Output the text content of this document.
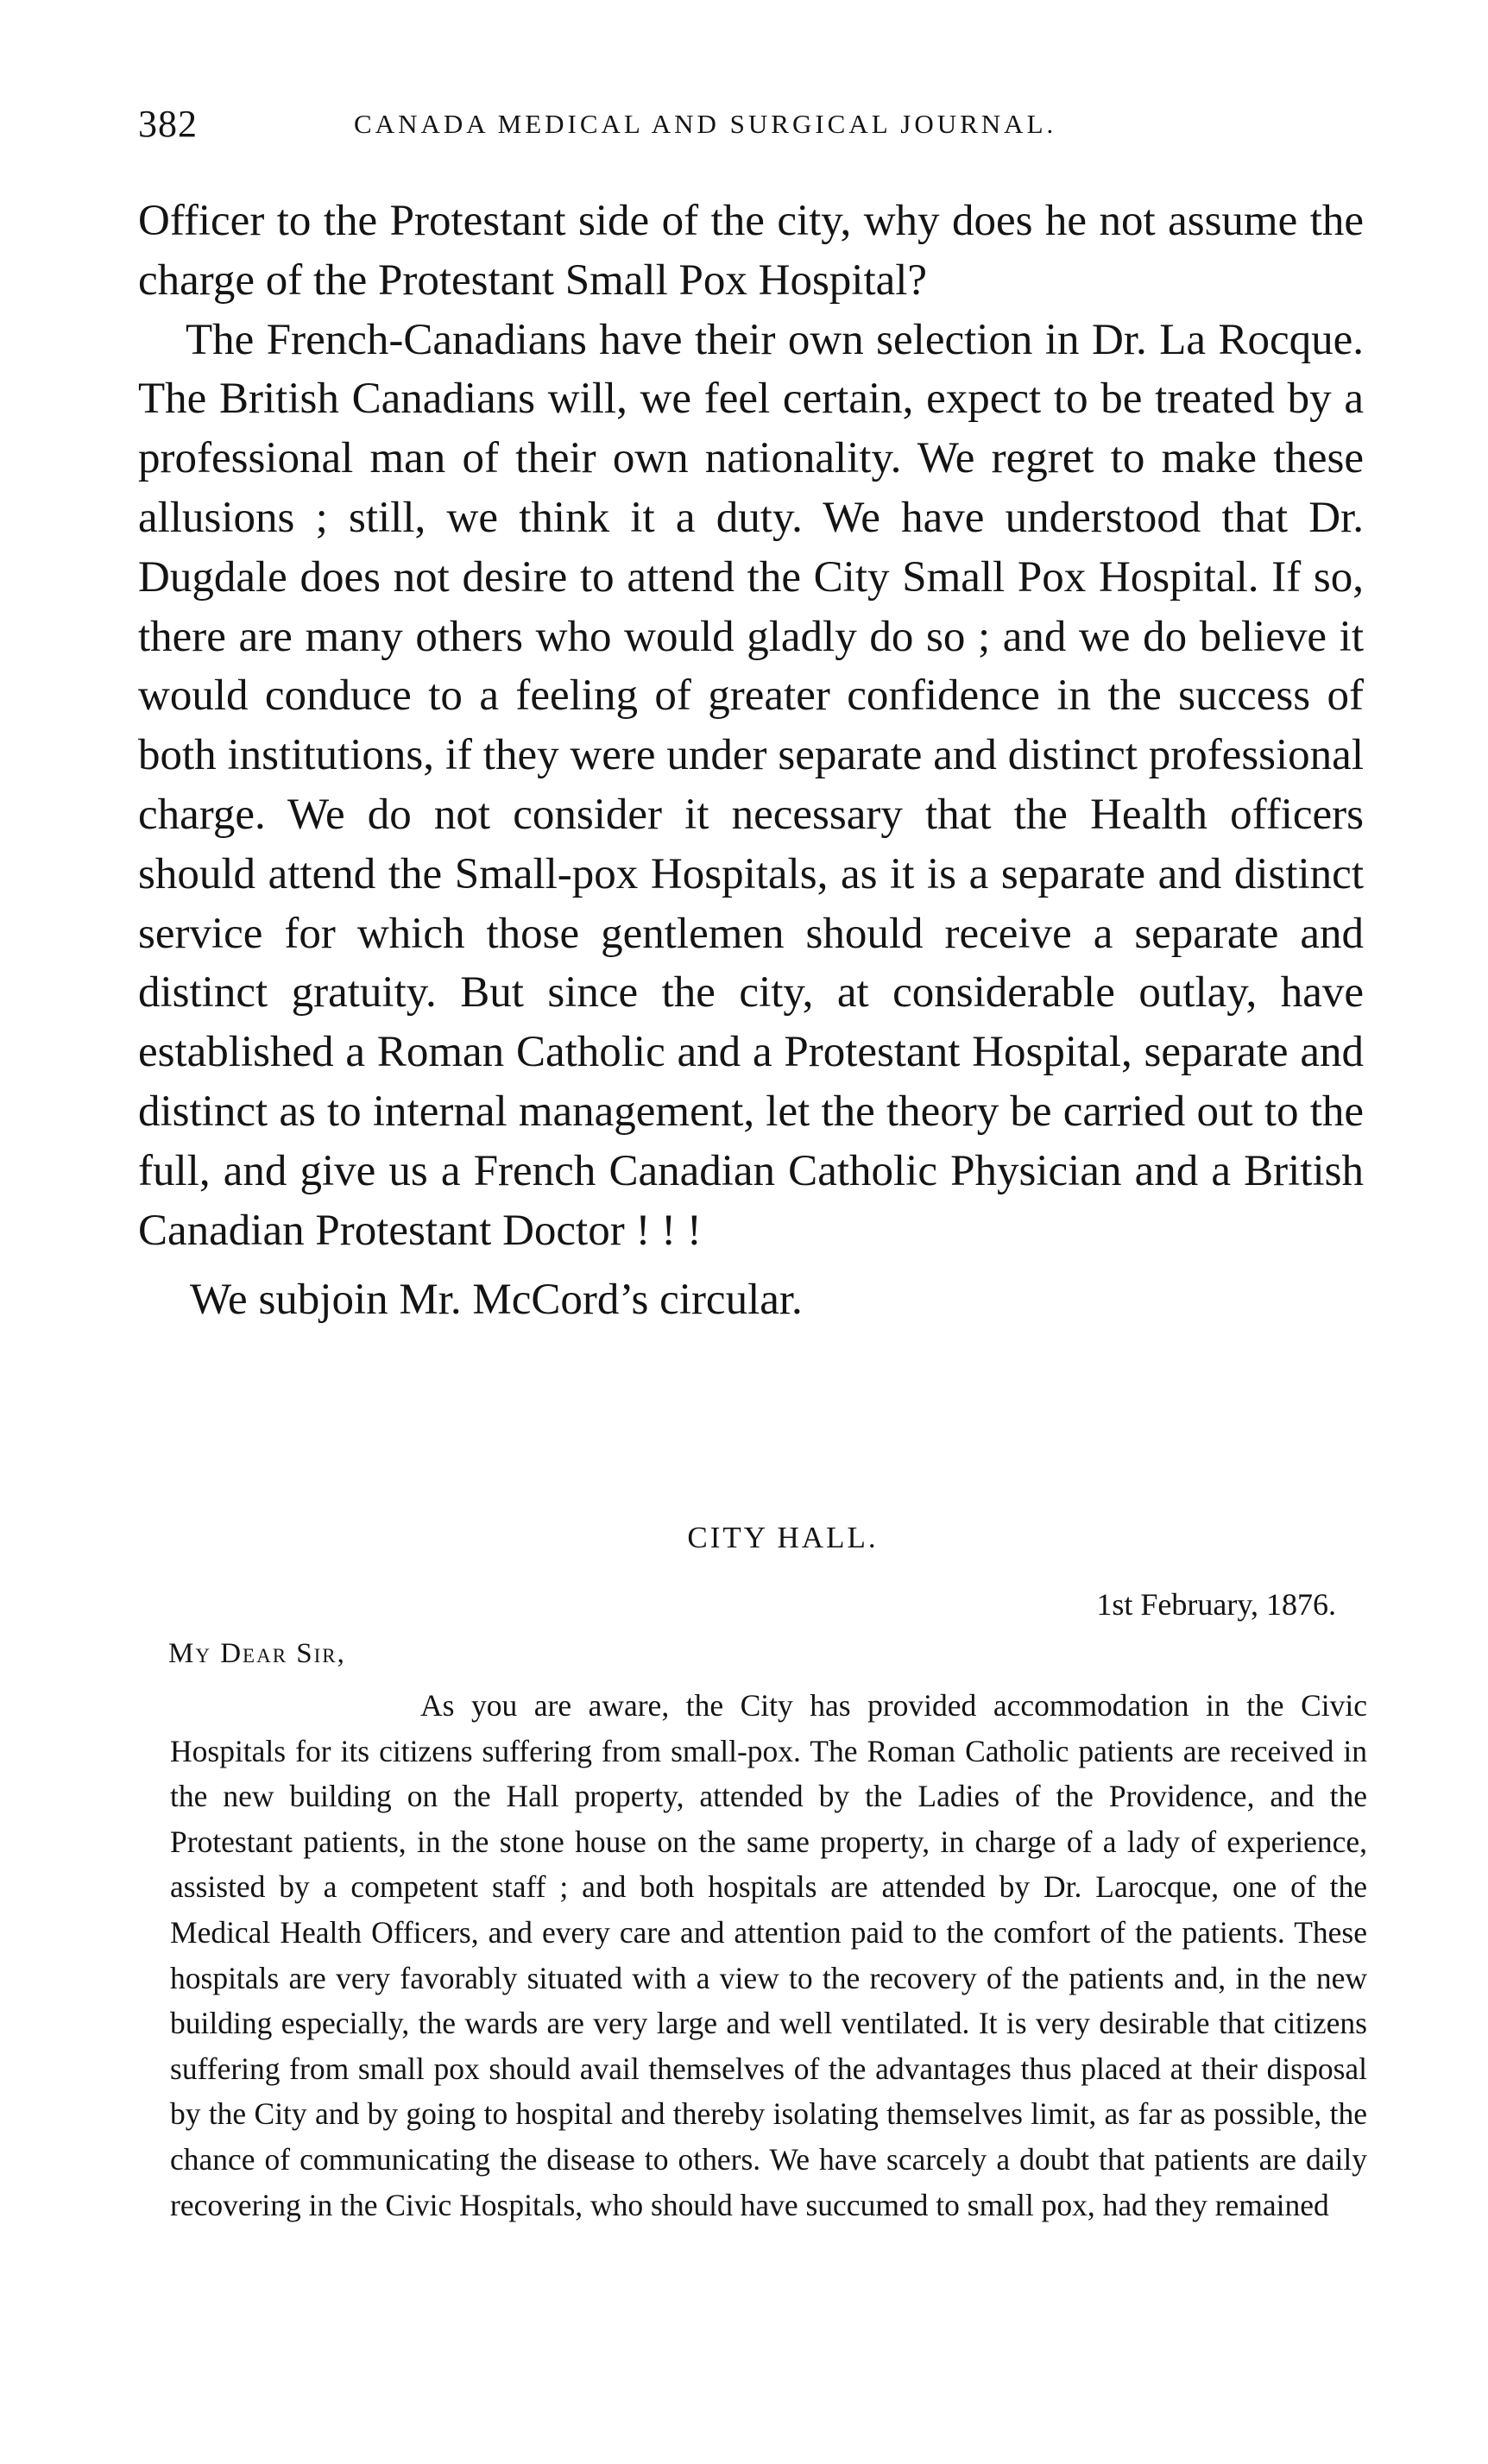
382	CANADA MEDICAL AND SURGICAL JOURNAL.

Officer to the Protestant side of the city, why does he not assume the charge of the Protestant Small Pox Hospital?

The French-Canadians have their own selection in Dr. La Rocque. The British Canadians will, we feel certain, expect to be treated by a professional man of their own nationality. We regret to make these allusions ; still, we think it a duty. We have understood that Dr. Dugdale does not desire to attend the City Small Pox Hospital. If so, there are many others who would gladly do so ; and we do believe it would conduce to a feeling of greater confidence in the success of both institutions, if they were under separate and distinct professional charge. We do not consider it necessary that the Health officers should attend the Small-pox Hospitals, as it is a separate and distinct service for which those gentlemen should receive a separate and distinct gratuity. But since the city, at considerable outlay, have established a Roman Catholic and a Protestant Hospital, separate and distinct as to internal management, let the theory be carried out to the full, and give us a French Canadian Catholic Physician and a British Canadian Protestant Doctor ! ! !

We subjoin Mr. McCord’s circular.

CITY HALL.
1st February, 1876.
My Dear Sir,

As you are aware, the City has provided accommodation in the Civic Hospitals for its citizens suffering from small-pox. The Roman Catholic patients are received in the new building on the Hall property, attended by the Ladies of the Providence, and the Protestant patients, in the stone house on the same property, in charge of a lady of experience, assisted by a competent staff ; and both hospitals are attended by Dr. Larocque, one of the Medical Health Officers, and every care and attention paid to the comfort of the patients. These hospitals are very favorably situated with a view to the recovery of the patients and, in the new building especially, the wards are very large and well ventilated. It is very desirable that citizens suffering from small pox should avail themselves of the advantages thus placed at their disposal by the City and by going to hospital and thereby isolating themselves limit, as far as possible, the chance of communicating the disease to others. We have scarcely a doubt that patients are daily recovering in the Civic Hospitals, who should have succumed to small pox, had they remained
